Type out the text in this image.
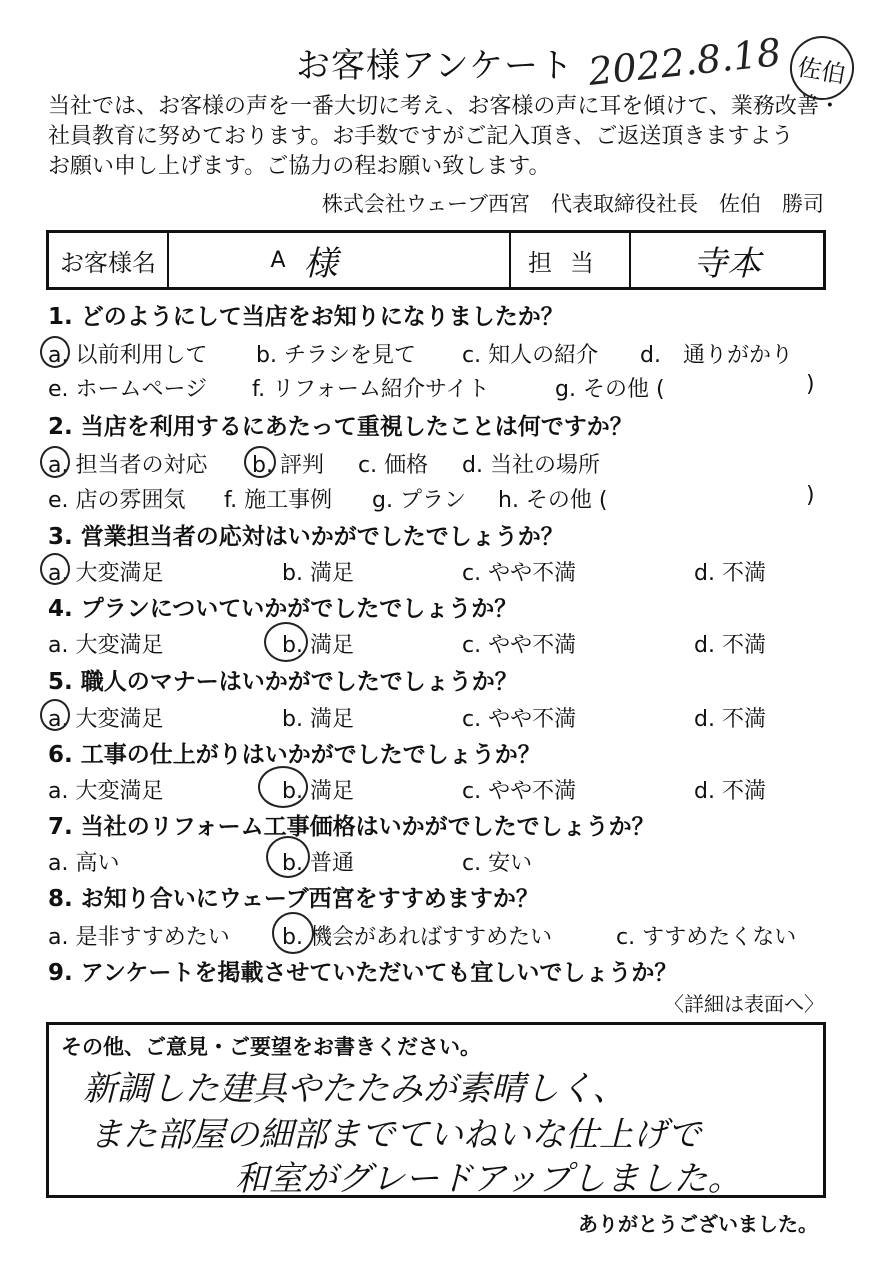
お客様アンケート 2022.8.18 佐伯
当社では、お客様の声を一番大切に考え、お客様の声に耳を傾けて、業務改善・
社員教育に努めております。お手数ですがご記入頂き、ご返送頂きますよう
お願い申し上げます。ご協力の程お願い致します。
株式会社ウェーブ西宮　代表取締役社長　佐伯　勝司
お客様名	A 様	担当	寺本
1. どのようにして当店をお知りになりましたか？
a. 以前利用して b. チラシを見て c. 知人の紹介 d.　通りがかり
e. ホームページ f. リフォーム紹介サイト	g. その他 (	)
2. 当店を利用するにあたって重視したことは何ですか？
a. 担当者の対応 b. 評判 c. 価格 d. 当社の場所
e. 店の雰囲気 f. 施工事例 g. プラン h. その他 (	)
3. 営業担当者の応対はいかがでしたでしょうか？
a. 大変満足	b. 満足	c. やや不満	d. 不満
4. プランについていかがでしたでしょうか？
a. 大変満足	b. 満足	c. やや不満	d. 不満
5. 職人のマナーはいかがでしたでしょうか？
a. 大変満足	b. 満足	c. やや不満	d. 不満
6. 工事の仕上がりはいかがでしたでしょうか？
a. 大変満足	b. 満足	c. やや不満	d. 不満
7. 当社のリフォーム工事価格はいかがでしたでしょうか？
a. 高い	b. 普通	c. 安い
8. お知り合いにウェーブ西宮をすすめますか？
a. 是非すすめたい b. 機会があればすすめたい	c. すすめたくない
9. アンケートを掲載させていただいても宜しいでしょうか？
〈詳細は表面へ〉
その他、ご意見・ご要望をお書きください。
新調した建具やたたみが素晴しく、
また部屋の細部までていねいな仕上げで
和室がグレードアップしました。
ありがとうございました。
